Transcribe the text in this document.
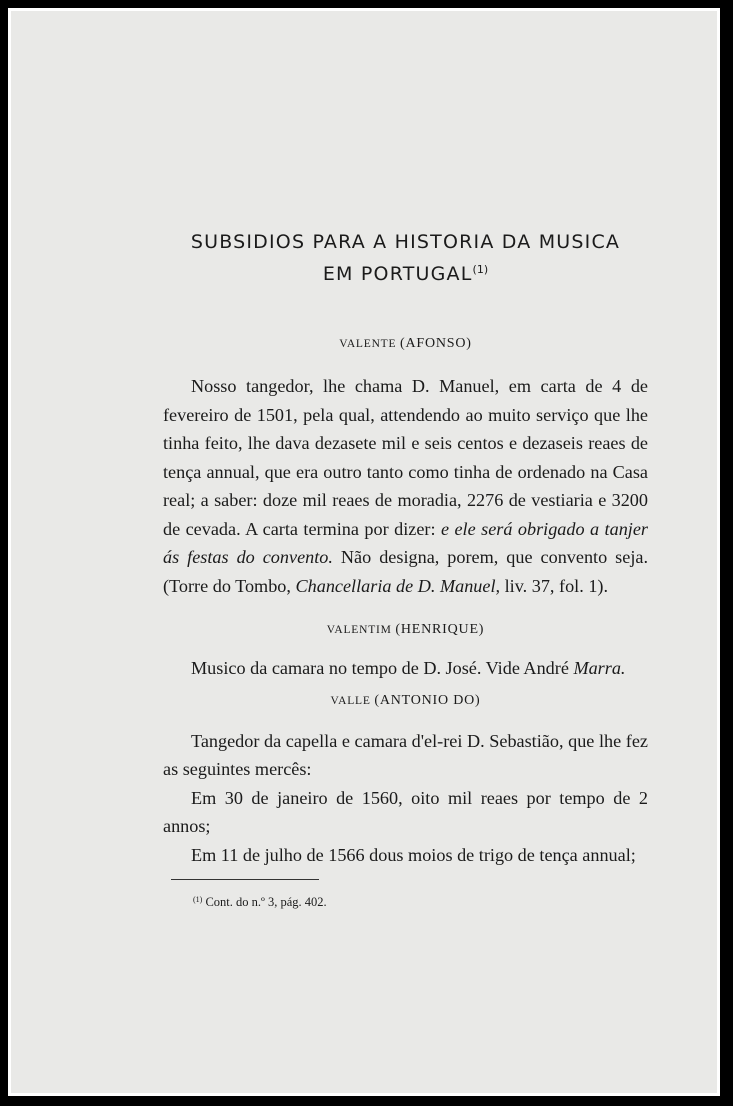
SUBSIDIOS PARA A HISTORIA DA MUSICA
EM PORTUGAL$^{(1)}$
VALENTE (AFONSO)

Nosso tangedor, lhe chama D. Manuel, em carta de 4 de fevereiro de 1501, pela qual, attendendo ao muito serviço que lhe tinha feito, lhe dava dezasete mil e seis centos e dezaseis reaes de tença annual, que era outro tanto como tinha de ordenado na Casa real; a saber: doze mil reaes de moradia, 2276 de vestiaria e 3200 de cevada. A carta termina por dizer: e ele será obrigado a tanjer ás festas do convento. Não designa, porem, que convento seja. (Torre do Tombo, Chancellaria de D. Manuel, liv. 37, fol. 1).

VALENTIM (HENRIQUE)

Musico da camara no tempo de D. José. Vide André Marra.

VALLE (ANTONIO DO)

Tangedor da capella e camara d'el-rei D. Sebastião, que lhe fez as seguintes mercês:

Em 30 de janeiro de 1560, oito mil reaes por tempo de 2 annos;

Em 11 de julho de 1566 dous moios de trigo de tença annual;

$^{(1)}$ Cont. do n.º 3, pág. 402.
